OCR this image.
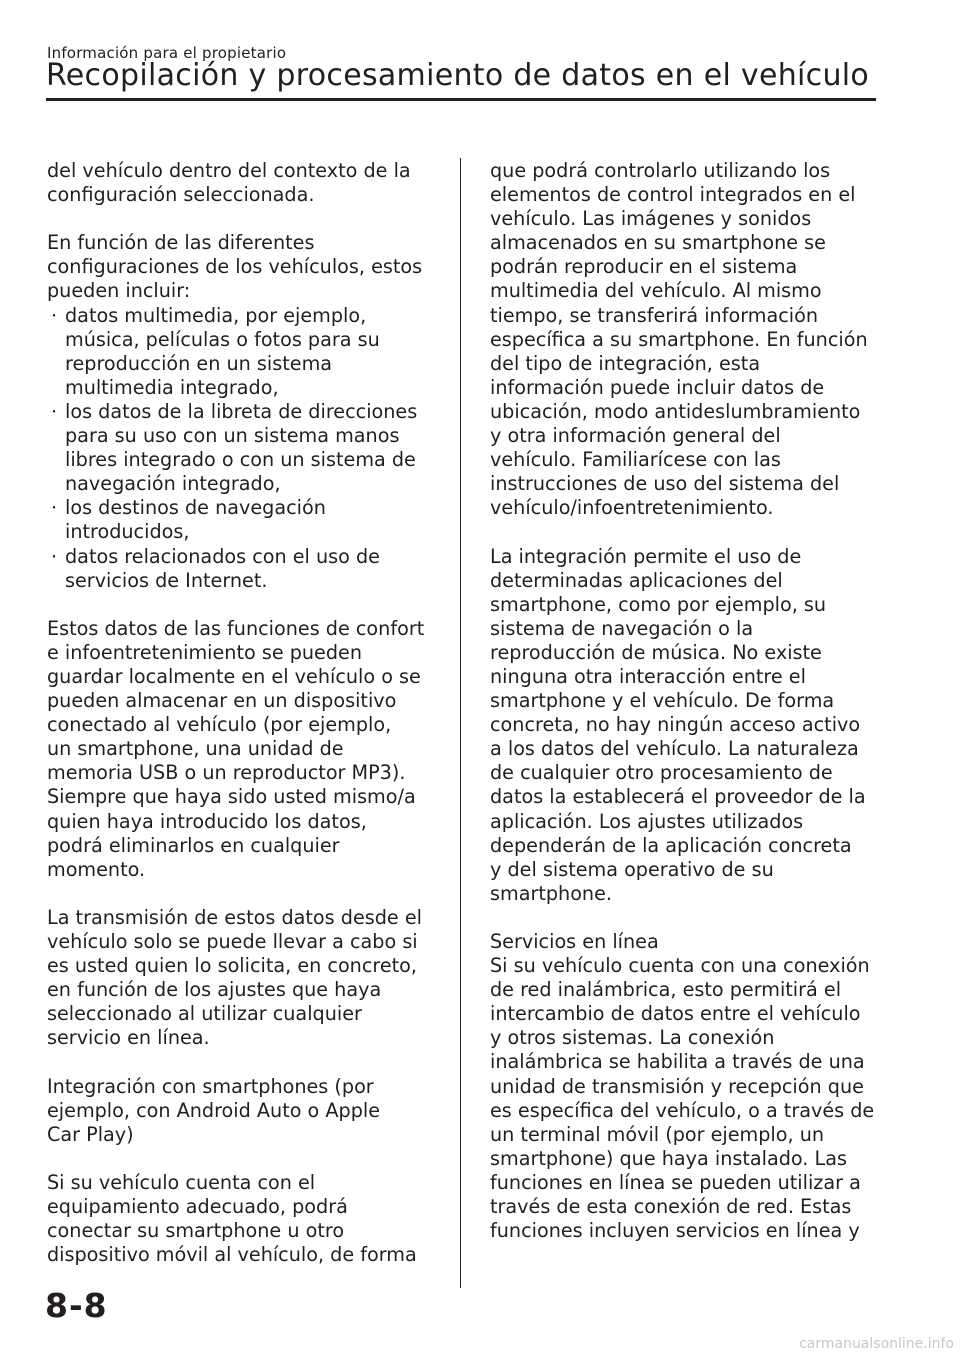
Información para el propietario
Recopilación y procesamiento de datos en el vehículo

del vehículo dentro del contexto de la
configuración seleccionada.

En función de las diferentes
configuraciones de los vehículos, estos
pueden incluir:

· datos multimedia, por ejemplo,
música, películas o fotos para su
reproducción en un sistema
multimedia integrado,
· los datos de la libreta de direcciones
para su uso con un sistema manos
libres integrado o con un sistema de
navegación integrado,
· los destinos de navegación
introducidos,
· datos relacionados con el uso de
servicios de Internet.

Estos datos de las funciones de confort
e infoentretenimiento se pueden
guardar localmente en el vehículo o se
pueden almacenar en un dispositivo
conectado al vehículo (por ejemplo,
un smartphone, una unidad de
memoria USB o un reproductor MP3).
Siempre que haya sido usted mismo/a
quien haya introducido los datos,
podrá eliminarlos en cualquier
momento.

La transmisión de estos datos desde el
vehículo solo se puede llevar a cabo si
es usted quien lo solicita, en concreto,
en función de los ajustes que haya
seleccionado al utilizar cualquier
servicio en línea.

Integración con smartphones (por
ejemplo, con Android Auto o Apple
Car Play)

Si su vehículo cuenta con el
equipamiento adecuado, podrá
conectar su smartphone u otro
dispositivo móvil al vehículo, de forma

que podrá controlarlo utilizando los
elementos de control integrados en el
vehículo. Las imágenes y sonidos
almacenados en su smartphone se
podrán reproducir en el sistema
multimedia del vehículo. Al mismo
tiempo, se transferirá información
específica a su smartphone. En función
del tipo de integración, esta
información puede incluir datos de
ubicación, modo antideslumbramiento
y otra información general del
vehículo. Familiarícese con las
instrucciones de uso del sistema del
vehículo/infoentretenimiento.

La integración permite el uso de
determinadas aplicaciones del
smartphone, como por ejemplo, su
sistema de navegación o la
reproducción de música. No existe
ninguna otra interacción entre el
smartphone y el vehículo. De forma
concreta, no hay ningún acceso activo
a los datos del vehículo. La naturaleza
de cualquier otro procesamiento de
datos la establecerá el proveedor de la
aplicación. Los ajustes utilizados
dependerán de la aplicación concreta
y del sistema operativo de su
smartphone.

Servicios en línea
Si su vehículo cuenta con una conexión
de red inalámbrica, esto permitirá el
intercambio de datos entre el vehículo
y otros sistemas. La conexión
inalámbrica se habilita a través de una
unidad de transmisión y recepción que
es específica del vehículo, o a través de
un terminal móvil (por ejemplo, un
smartphone) que haya instalado. Las
funciones en línea se pueden utilizar a
través de esta conexión de red. Estas
funciones incluyen servicios en línea y

8-8
carmanualsonline.info
